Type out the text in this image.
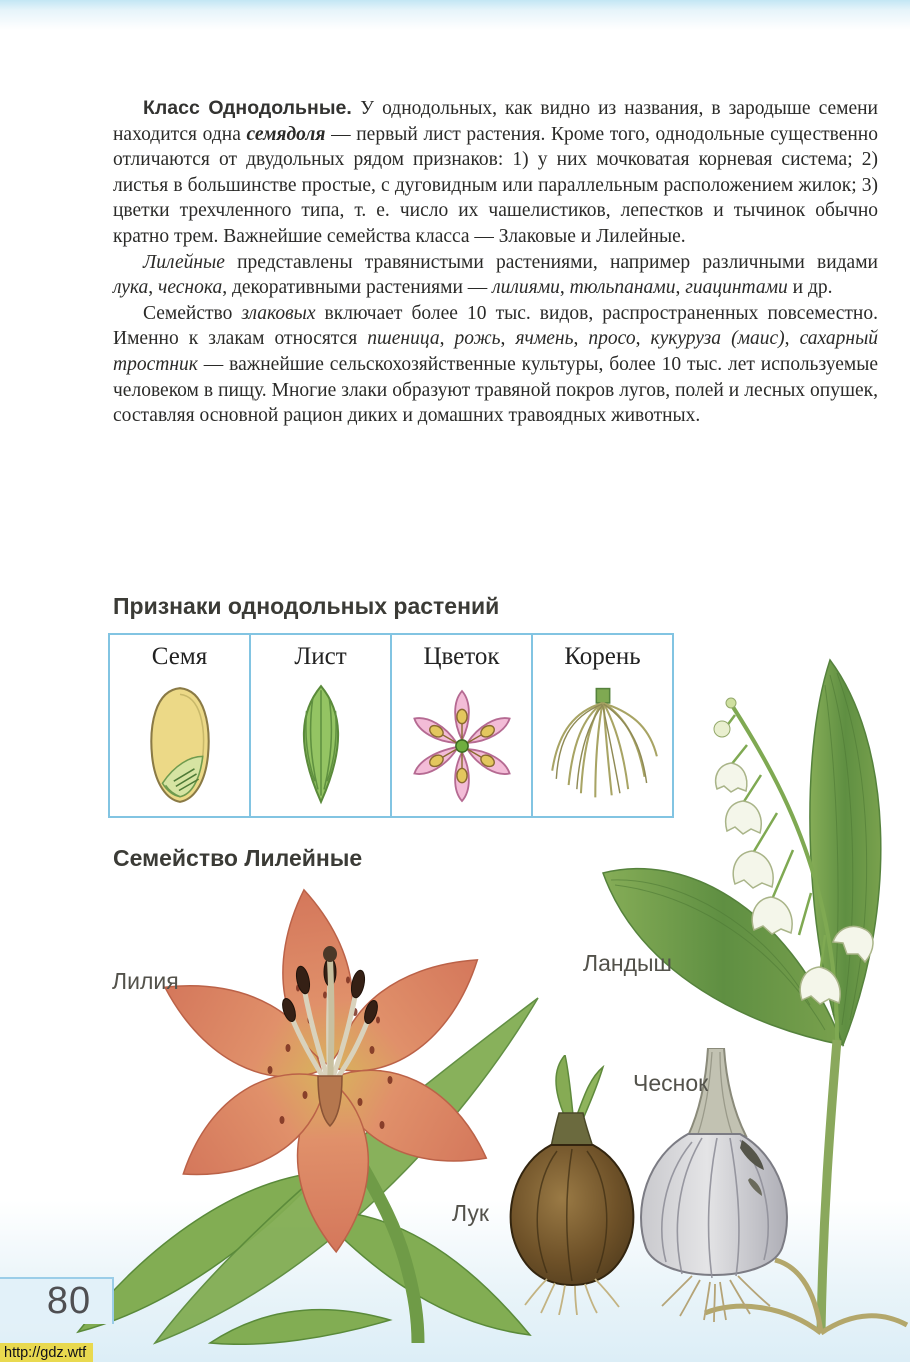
Класс Однодольные. У однодольных, как видно из названия, в зародыше семени находится одна семядоля — первый лист растения. Кроме того, однодольные существенно отличаются от двудольных рядом признаков: 1) у них мочковатая корневая система; 2) листья в большинстве простые, с дуговидным или параллельным расположением жилок; 3) цветки трехчленного типа, т. е. число их чашелистиков, лепестков и тычинок обычно кратно трем. Важнейшие семейства класса — Злаковые и Лилейные.

Лилейные представлены травянистыми растениями, например различными видами лука, чеснока, декоративными растениями — лилиями, тюльпанами, гиацинтами и др.

Семейство злаковых включает более 10 тыс. видов, распространенных повсеместно. Именно к злакам относятся пшеница, рожь, ячмень, просо, кукуруза (маис), сахарный тростник — важнейшие сельскохозяйственные культуры, более 10 тыс. лет используемые человеком в пищу. Многие злаки образуют травяной покров лугов, полей и лесных опушек, составляя основной рацион диких и домашних травоядных животных.

Признаки однодольных растений
Семя	Лист	Цветок	Корень
Семейство Лилейные
Лилия
Ландыш
Чеснок
Лук
80
http://gdz.wtf
